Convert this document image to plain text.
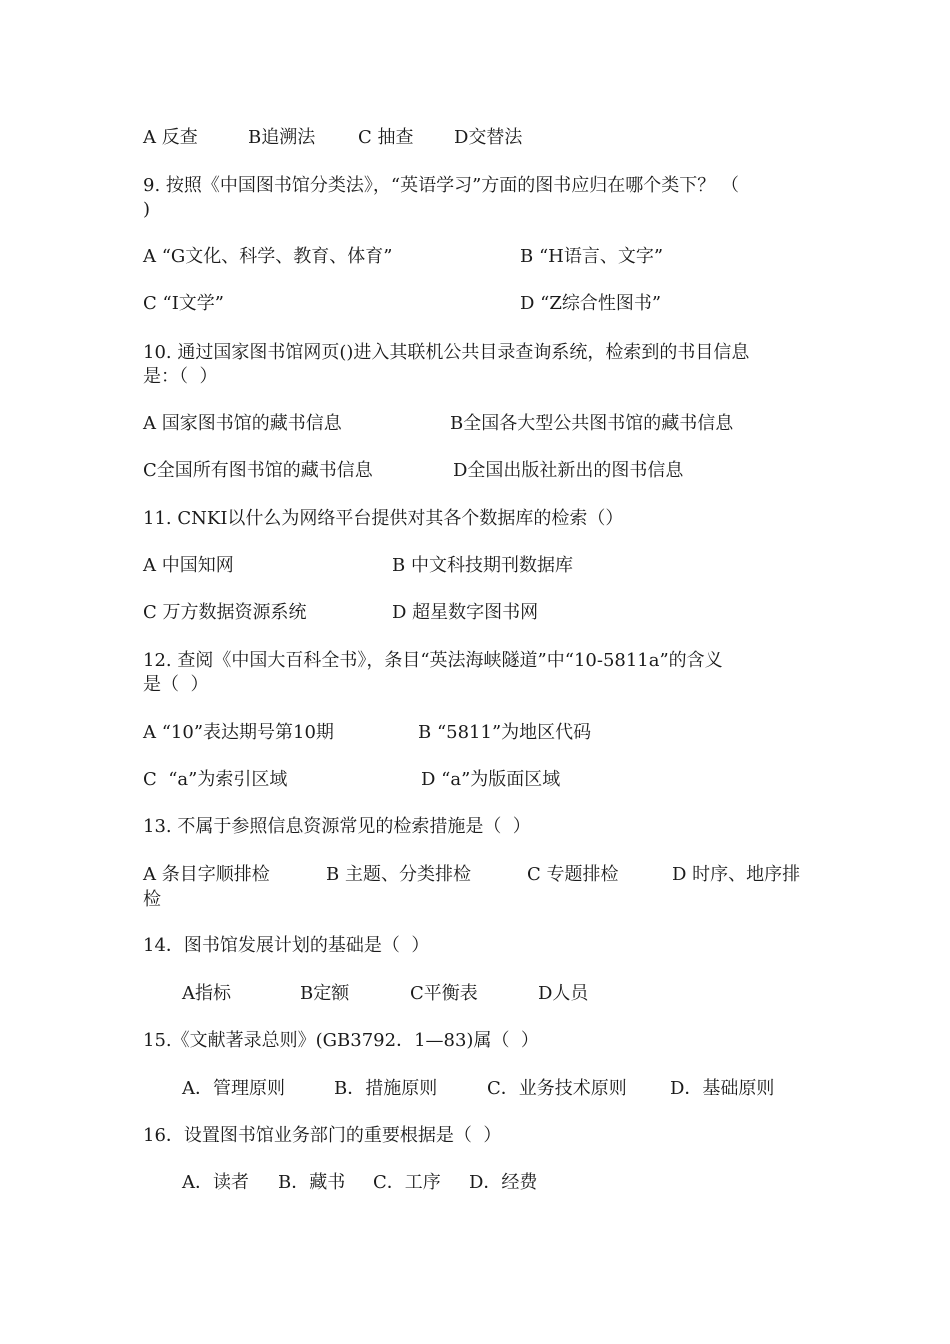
A 反查	B追溯法 C 抽查 D交替法
9. 按照《中国图书馆分类法》，“英语学习”方面的图书应归在哪个类下？ （
)
A “G文化、科学、教育、体育”	B “H语言、文字”
C “I文学”	D “Z综合性图书”
10. 通过国家图书馆网页()进入其联机公共目录查询系统，检索到的书目信息
是：（  ）
A 国家图书馆的藏书信息	B全国各大型公共图书馆的藏书信息
C全国所有图书馆的藏书信息	D全国出版社新出的图书信息
11. CNKI以什么为网络平台提供对其各个数据库的检索（）
A 中国知网	B 中文科技期刊数据库
C 万方数据资源系统	D 超星数字图书网
12. 查阅《中国大百科全书》，条目“英法海峡隧道”中“10-5811a”的含义
是（  ）
A “10”表达期号第10期	B “5811”为地区代码
C  “a”为索引区域	D “a”为版面区域
13. 不属于参照信息资源常见的检索措施是（  ）
A 条目字顺排检	B 主题、分类排检	C 专题排检	D 时序、地序排
检
14．图书馆发展计划的基础是（  ）
A指标	B定额	C平衡表	D人员
15.《文献著录总则》(GB3792．1—83)属（  ）
A．管理原则	B．措施原则	C．业务技术原则 D．基础原则
16．设置图书馆业务部门的重要根据是（  ）
A．读者 B．藏书 C．工序 D．经费
